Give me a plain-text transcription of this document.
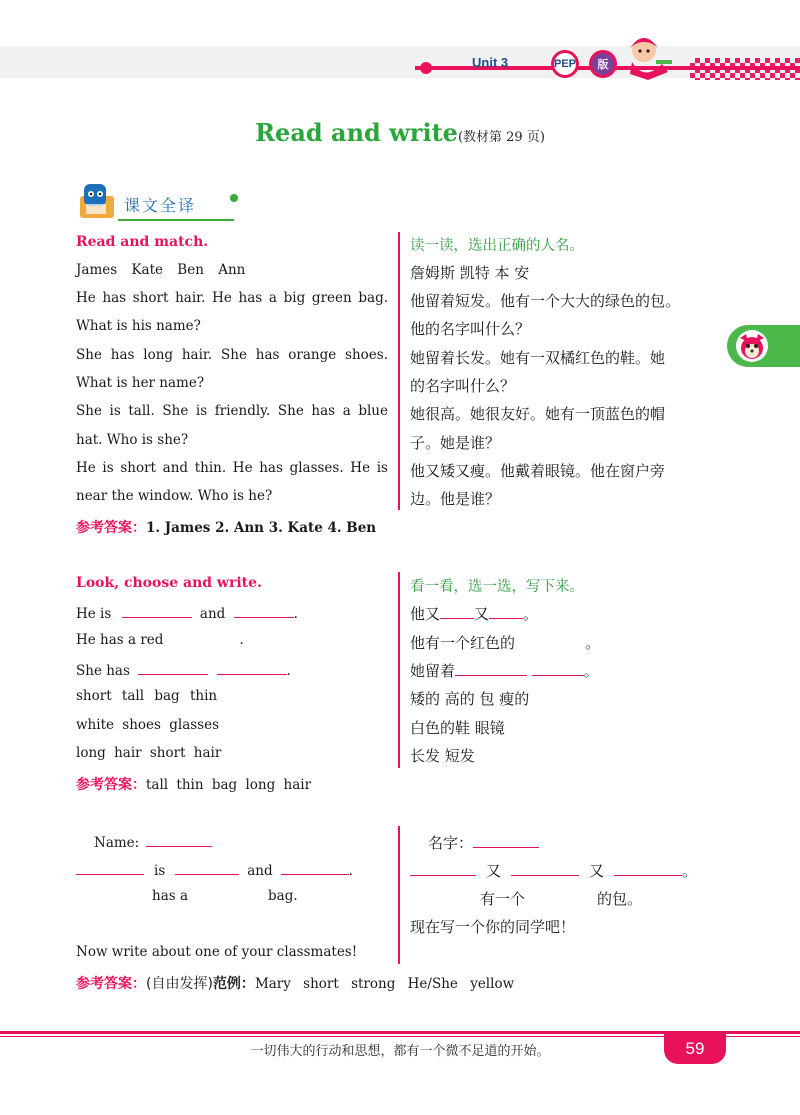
Unit 3	PEP	版
Read and write(教材第 29 页)
课文全译
Read and match.	读一读，选出正确的人名。
James Kate Ben Ann
He has short hair. He has a big green bag.
What is his name?
She has long hair. She has orange shoes.
What is her name?
She is tall. She is friendly. She has a blue
hat. Who is she?
He is short and thin. He has glasses. He is
near the window. Who is he?
詹姆斯 凯特 本 安
他留着短发。他有一个大大的绿色的包。
他的名字叫什么？
她留着长发。她有一双橘红色的鞋。她
的名字叫什么？
她很高。她很友好。她有一顶蓝色的帽
子。她是谁？
他又矮又瘦。他戴着眼镜。他在窗户旁
边。他是谁？
参考答案：1. James 2. Ann 3. Kate 4. Ben
Look, choose and write.	看一看，选一选，写下来。
He is	and	.
He has a red	.
She has	.
short tall bag thin
white shoes glasses
long hair short hair
他又 又 。
他有一个红色的	。
她留着	。
矮的 高的 包 瘦的
白色的鞋 眼镜
长发 短发
参考答案：tall thin bag long hair
Name:
is	and	.
has a	bag.
Now write about one of your classmates!
名字：
又	又	。
有一个	的包。
现在写一个你的同学吧！
参考答案：(自由发挥)范例：Mary short strong He/She yellow
一切伟大的行动和思想，都有一个微不足道的开始。	59
